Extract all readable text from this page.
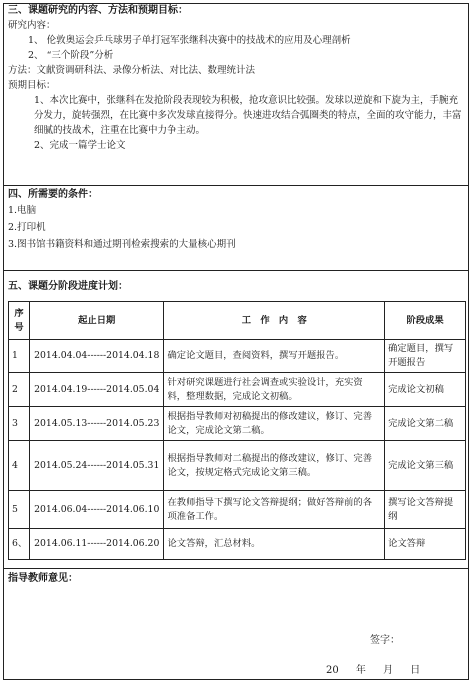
三、课题研究的内容、方法和预期目标：
研究内容：
1、 伦敦奥运会乒乓球男子单打冠军张继科决赛中的技战术的应用及心理剖析
2、 “三个阶段”分析
方法：文献资调研科法、录像分析法、对比法、数理统计法
预期目标：
1、本次比赛中，张继科在发抢阶段表现较为积极，抢攻意识比较强。发球以逆旋和下旋为主，手腕充分发力，旋转强烈，在比赛中多次发球直接得分。快速进攻结合弧圈类的特点，全面的攻守能力，丰富细腻的技战术，注重在比赛中力争主动。
2、完成一篇学士论文
四、所需要的条件：
1.电脑
2.打印机
3.图书馆书籍资料和通过期刊检索搜索的大量核心期刊
五、课题分阶段进度计划：
序号	起止日期	工　作　内　容	阶段成果
1	2014.04.04------2014.04.18	确定论文题目，查阅资料，撰写开题报告。	确定题目，撰写开题报告
2	2014.04.19------2014.05.04	针对研究课题进行社会调查或实验设计，充实资料，整理数据，完成论文初稿。	完成论文初稿
3	2014.05.13------2014.05.23	根据指导教师对初稿提出的修改建议，修订、完善论文，完成论文第二稿。	完成论文第二稿
4	2014.05.24------2014.05.31	根据指导教师对二稿提出的修改建议，修订、完善论文，按规定格式完成论文第三稿。	完成论文第三稿
5	2014.06.04------2014.06.10	在教师指导下撰写论文答辩提纲；做好答辩前的各项准备工作。	撰写论文答辩提纲
6、	2014.06.11------2014.06.20	论文答辩，汇总材料。	论文答辩
指导教师意见：
签字：
20 年 月 日
